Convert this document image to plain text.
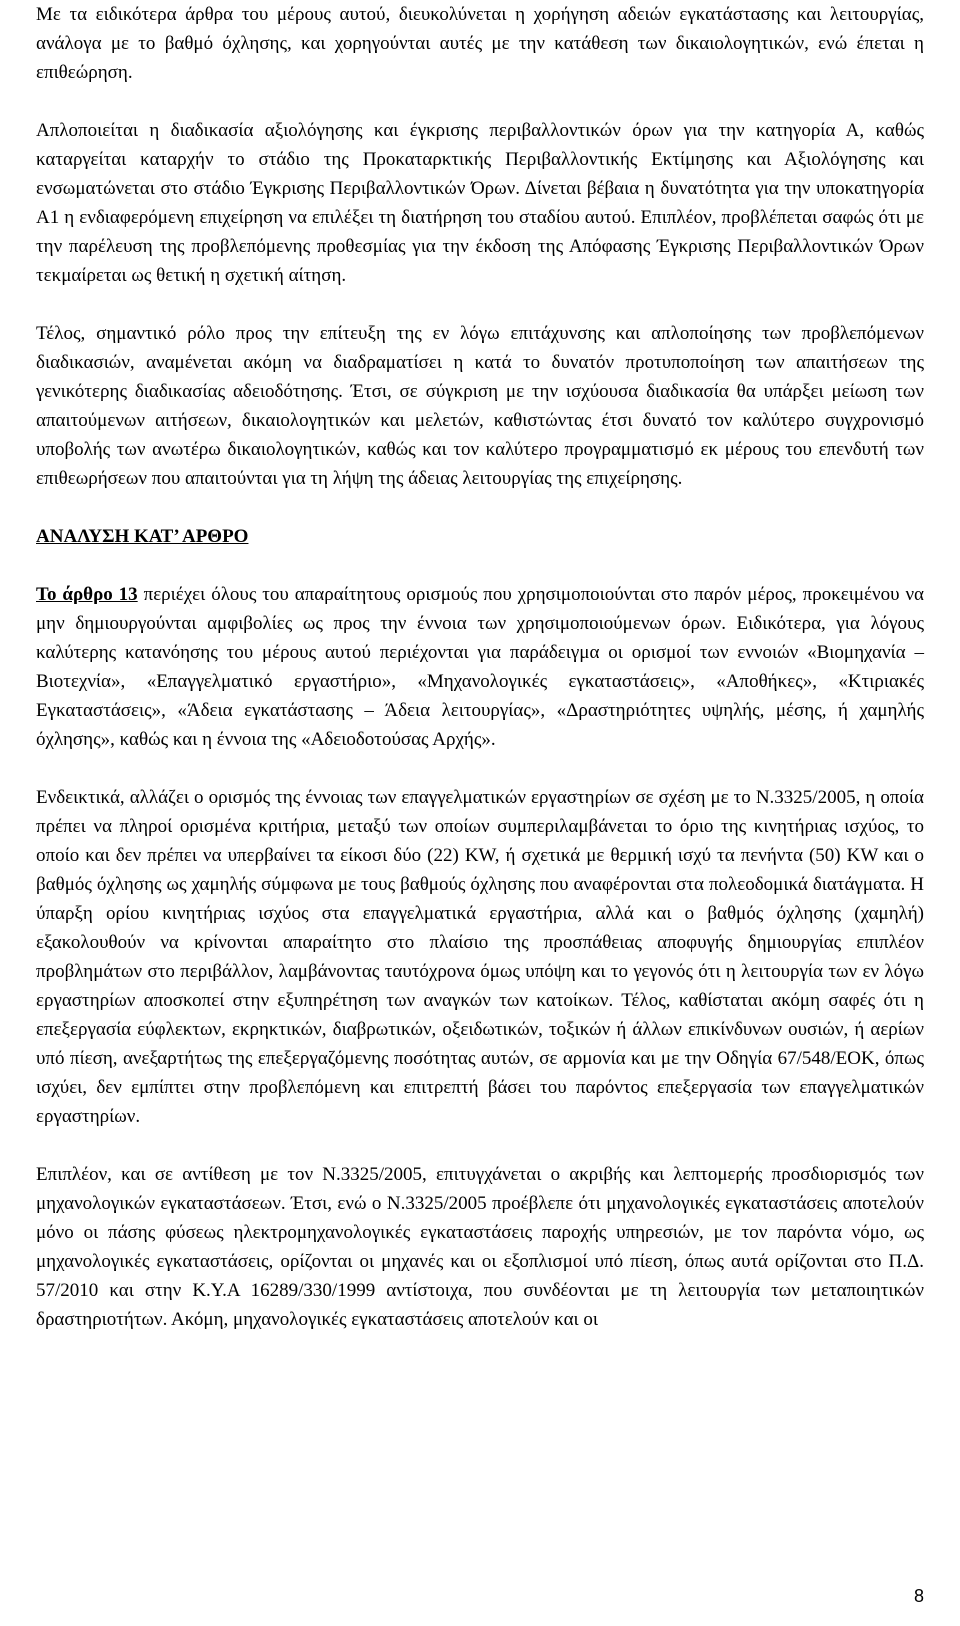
Με τα ειδικότερα άρθρα του μέρους αυτού, διευκολύνεται η χορήγηση αδειών εγκατάστασης και λειτουργίας, ανάλογα με το βαθμό όχλησης, και χορηγούνται αυτές με την κατάθεση των δικαιολογητικών, ενώ έπεται η επιθεώρηση.

Απλοποιείται η διαδικασία αξιολόγησης και έγκρισης περιβαλλοντικών όρων για την κατηγορία Α, καθώς καταργείται καταρχήν το στάδιο της Προκαταρκτικής Περιβαλλοντικής Εκτίμησης και Αξιολόγησης και ενσωματώνεται στο στάδιο Έγκρισης Περιβαλλοντικών Όρων. Δίνεται βέβαια η δυνατότητα για την υποκατηγορία Α1 η ενδιαφερόμενη επιχείρηση να επιλέξει τη διατήρηση του σταδίου αυτού. Επιπλέον, προβλέπεται σαφώς ότι με την παρέλευση της προβλεπόμενης προθεσμίας για την έκδοση της Απόφασης Έγκρισης Περιβαλλοντικών Όρων τεκμαίρεται ως θετική η σχετική αίτηση.

Τέλος, σημαντικό ρόλο προς την επίτευξη της εν λόγω επιτάχυνσης και απλοποίησης των προβλεπόμενων διαδικασιών, αναμένεται ακόμη να διαδραματίσει η κατά το δυνατόν προτυποποίηση των απαιτήσεων της γενικότερης διαδικασίας αδειοδότησης. Έτσι, σε σύγκριση με την ισχύουσα διαδικασία θα υπάρξει μείωση των απαιτούμενων αιτήσεων, δικαιολογητικών και μελετών, καθιστώντας έτσι δυνατό τον καλύτερο συγχρονισμό υποβολής των ανωτέρω δικαιολογητικών, καθώς και τον καλύτερο προγραμματισμό εκ μέρους του επενδυτή των επιθεωρήσεων που απαιτούνται για τη λήψη της άδειας λειτουργίας της επιχείρησης.

ΑΝΑΛΥΣΗ ΚΑΤ’ ΑΡΘΡΟ

Το άρθρο 13 περιέχει όλους του απαραίτητους ορισμούς που χρησιμοποιούνται στο παρόν μέρος, προκειμένου να μην δημιουργούνται αμφιβολίες ως προς την έννοια των χρησιμοποιούμενων όρων. Ειδικότερα, για λόγους καλύτερης κατανόησης του μέρους αυτού περιέχονται για παράδειγμα οι ορισμοί των εννοιών «Βιομηχανία – Βιοτεχνία», «Επαγγελματικό εργαστήριο», «Μηχανολογικές εγκαταστάσεις», «Αποθήκες», «Κτιριακές Εγκαταστάσεις», «Άδεια εγκατάστασης – Άδεια λειτουργίας», «Δραστηριότητες υψηλής, μέσης, ή χαμηλής όχλησης», καθώς και η έννοια της «Αδειοδοτούσας Αρχής».

Ενδεικτικά, αλλάζει ο ορισμός της έννοιας των επαγγελματικών εργαστηρίων σε σχέση με το Ν.3325/2005, η οποία πρέπει να πληροί ορισμένα κριτήρια, μεταξύ των οποίων συμπεριλαμβάνεται το όριο της κινητήριας ισχύος, το οποίο και δεν πρέπει να υπερβαίνει τα είκοσι δύο (22) KW, ή σχετικά με θερμική ισχύ τα πενήντα (50) KW και ο βαθμός όχλησης ως χαμηλής σύμφωνα με τους βαθμούς όχλησης που αναφέρονται στα πολεοδομικά διατάγματα. Η ύπαρξη ορίου κινητήριας ισχύος στα επαγγελματικά εργαστήρια, αλλά και ο βαθμός όχλησης (χαμηλή) εξακολουθούν να κρίνονται απαραίτητο στο πλαίσιο της προσπάθειας αποφυγής δημιουργίας επιπλέον προβλημάτων στο περιβάλλον, λαμβάνοντας ταυτόχρονα όμως υπόψη και το γεγονός ότι η λειτουργία των εν λόγω εργαστηρίων αποσκοπεί στην εξυπηρέτηση των αναγκών των κατοίκων. Τέλος, καθίσταται ακόμη σαφές ότι η επεξεργασία εύφλεκτων, εκρηκτικών, διαβρωτικών, οξειδωτικών, τοξικών ή άλλων επικίνδυνων ουσιών, ή αερίων υπό πίεση, ανεξαρτήτως της επεξεργαζόμενης ποσότητας αυτών, σε αρμονία και με την Οδηγία 67/548/ΕΟΚ, όπως ισχύει, δεν εμπίπτει στην προβλεπόμενη και επιτρεπτή βάσει του παρόντος επεξεργασία των επαγγελματικών εργαστηρίων.

Επιπλέον, και σε αντίθεση με τον Ν.3325/2005, επιτυγχάνεται ο ακριβής και λεπτομερής προσδιορισμός των μηχανολογικών εγκαταστάσεων. Έτσι, ενώ ο Ν.3325/2005 προέβλεπε ότι μηχανολογικές εγκαταστάσεις αποτελούν μόνο οι πάσης φύσεως ηλεκτρομηχανολογικές εγκαταστάσεις παροχής υπηρεσιών, με τον παρόντα νόμο, ως μηχανολογικές εγκαταστάσεις, ορίζονται οι μηχανές και οι εξοπλισμοί υπό πίεση, όπως αυτά ορίζονται στο Π.Δ. 57/2010 και στην Κ.Υ.Α 16289/330/1999 αντίστοιχα, που συνδέονται με τη λειτουργία των μεταποιητικών δραστηριοτήτων. Ακόμη, μηχανολογικές εγκαταστάσεις αποτελούν και οι

8
